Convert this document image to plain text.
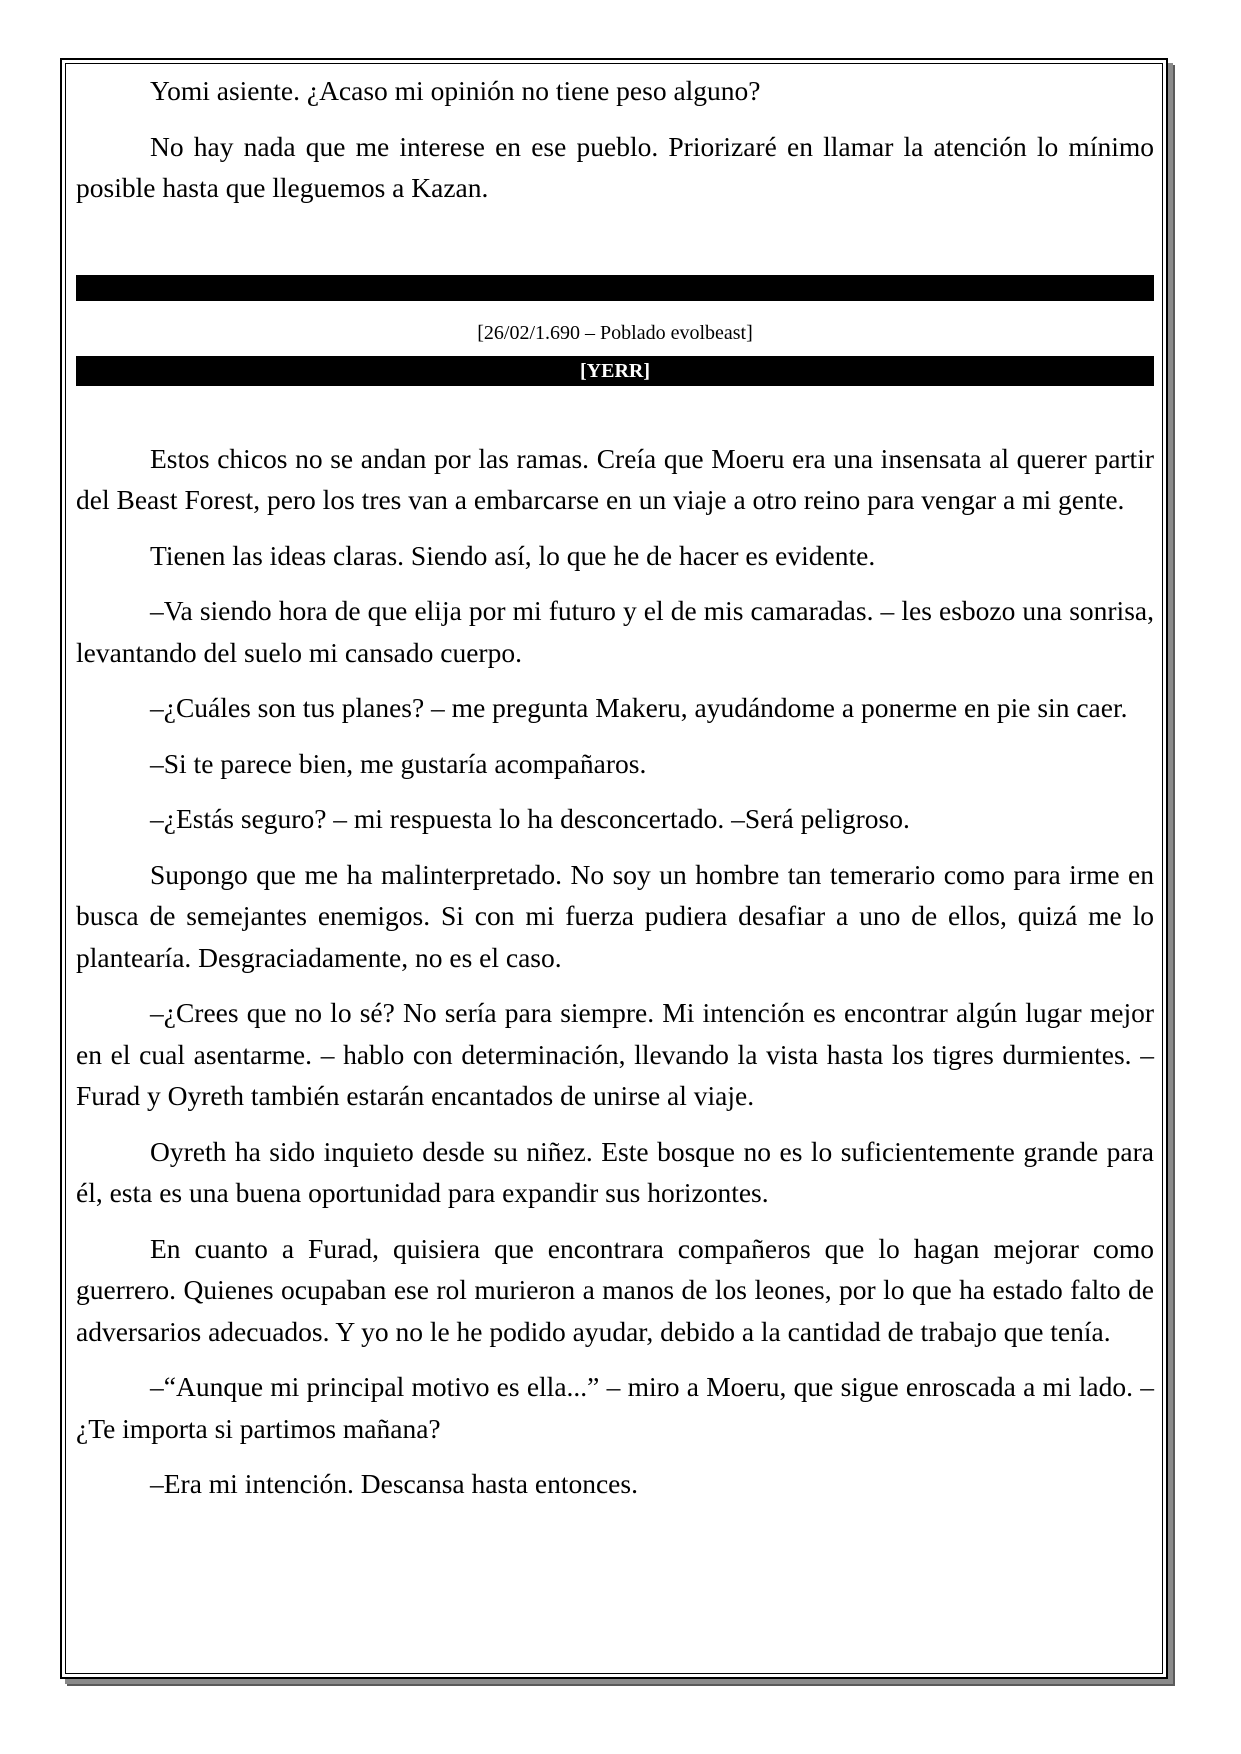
Yomi asiente. ¿Acaso mi opinión no tiene peso alguno?

No hay nada que me interese en ese pueblo. Priorizaré en llamar la atención lo mínimo posible hasta que lleguemos a Kazan.

[26/02/1.690 – Poblado evolbeast]
[YERR]

Estos chicos no se andan por las ramas. Creía que Moeru era una insensata al querer partir del Beast Forest, pero los tres van a embarcarse en un viaje a otro reino para vengar a mi gente.

Tienen las ideas claras. Siendo así, lo que he de hacer es evidente.

–Va siendo hora de que elija por mi futuro y el de mis camaradas. – les esbozo una sonrisa, levantando del suelo mi cansado cuerpo.

–¿Cuáles son tus planes? – me pregunta Makeru, ayudándome a ponerme en pie sin caer.

–Si te parece bien, me gustaría acompañaros.

–¿Estás seguro? – mi respuesta lo ha desconcertado. –Será peligroso.

Supongo que me ha malinterpretado. No soy un hombre tan temerario como para irme en busca de semejantes enemigos. Si con mi fuerza pudiera desafiar a uno de ellos, quizá me lo plantearía. Desgraciadamente, no es el caso.

–¿Crees que no lo sé? No sería para siempre. Mi intención es encontrar algún lugar mejor en el cual asentarme. – hablo con determinación, llevando la vista hasta los tigres durmientes. –Furad y Oyreth también estarán encantados de unirse al viaje.

Oyreth ha sido inquieto desde su niñez. Este bosque no es lo suficientemente grande para él, esta es una buena oportunidad para expandir sus horizontes.

En cuanto a Furad, quisiera que encontrara compañeros que lo hagan mejorar como guerrero. Quienes ocupaban ese rol murieron a manos de los leones, por lo que ha estado falto de adversarios adecuados. Y yo no le he podido ayudar, debido a la cantidad de trabajo que tenía.

–“Aunque mi principal motivo es ella...” – miro a Moeru, que sigue enroscada a mi lado. –¿Te importa si partimos mañana?

–Era mi intención. Descansa hasta entonces.
